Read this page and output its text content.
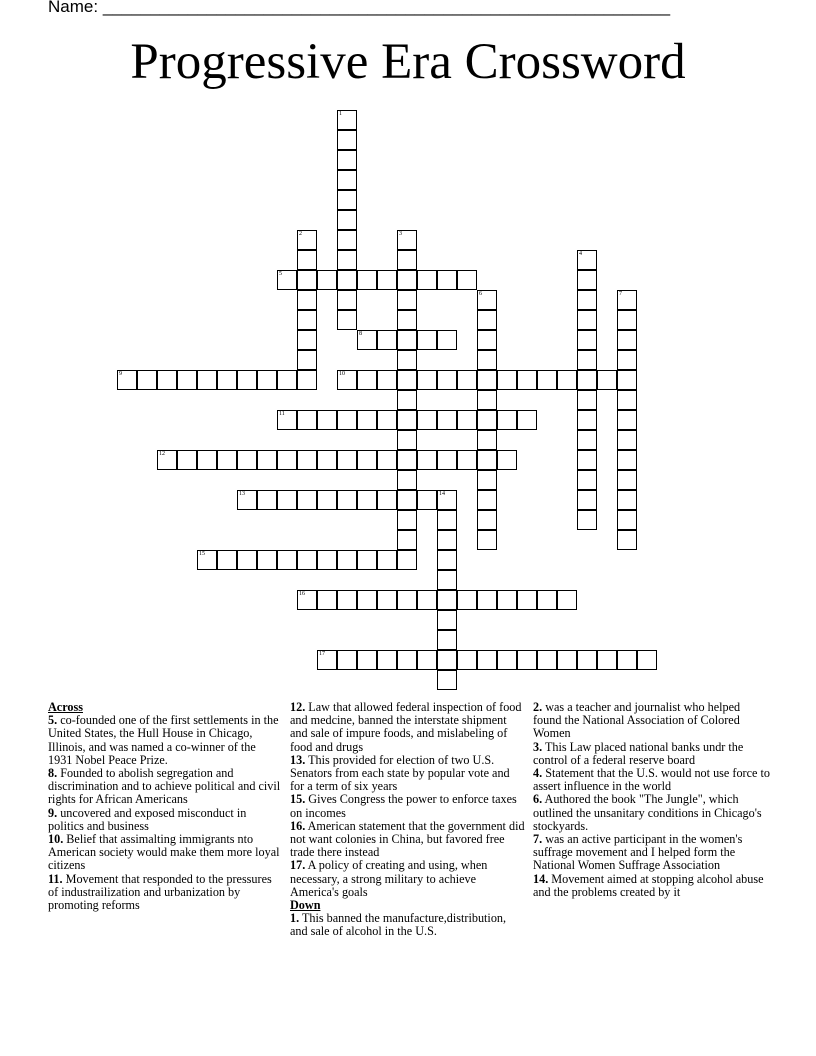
Name: ____________________________________________________________
Progressive Era Crossword
1
2	3
4
5
6	7
8
9	10
11
12
13	14
15
16
17

Across

5. co-founded one of the first settlements in the United States, the Hull House in Chicago, Illinois, and was named a co-winner of the 1931 Nobel Peace Prize.

8. Founded to abolish segregation and discrimination and to achieve political and civil rights for African Americans

9. uncovered and exposed misconduct in politics and business

10. Belief that assimalting immigrants nto American society would make them more loyal citizens

11. Movement that responded to the pressures of industrailization and urbanization by promoting reforms

12. Law that allowed federal inspection of food and medcine, banned the interstate shipment and sale of impure foods, and mislabeling of food and drugs

13. This provided for election of two U.S. Senators from each state by popular vote and for a term of six years

15. Gives Congress the power to enforce taxes on incomes

16. American statement that the government did not want colonies in China, but favored free trade there instead

17. A policy of creating and using, when necessary, a strong military to achieve America's goals

Down

1. This banned the manufacture,distribution, and sale of alcohol in the U.S.

2. was a teacher and journalist who helped found the National Association of Colored Women

3. This Law placed national banks undr the control of a federal reserve board

4. Statement that the U.S. would not use force to assert influence in the world

6. Authored the book "The Jungle", which outlined the unsanitary conditions in Chicago's stockyards.

7. was an active participant in the women's suffrage movement and I helped form the National Women Suffrage Association

14. Movement aimed at stopping alcohol abuse and the problems created by it
